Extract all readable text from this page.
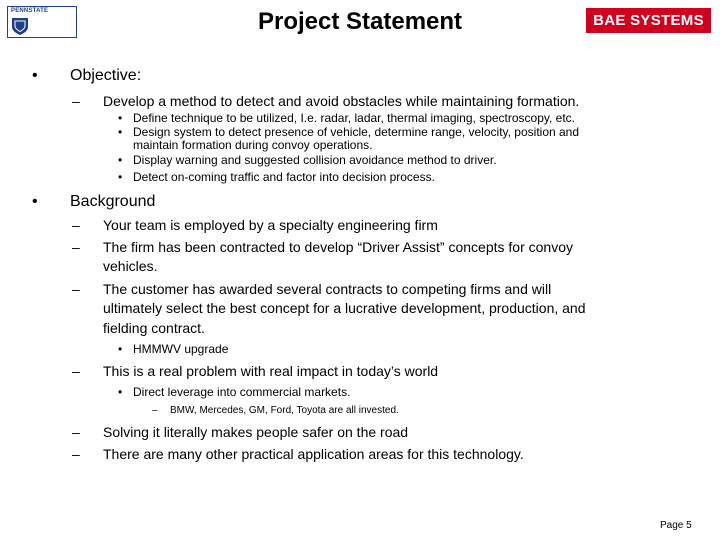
PENNSTATE	Project Statement	BAE SYSTEMS
• Objective:
– Develop a method to detect and avoid obstacles while maintaining formation.
• Define technique to be utilized, I.e. radar, ladar, thermal imaging, spectroscopy, etc.
• Design system to detect presence of vehicle, determine range, velocity, position and
maintain formation during convoy operations.
• Display warning and suggested collision avoidance method to driver.
• Detect on-coming traffic and factor into decision process.
• Background
– Your team is employed by a specialty engineering firm
– The firm has been contracted to develop “Driver Assist” concepts for convoy
vehicles.
– The customer has awarded several contracts to competing firms and will
ultimately select the best concept for a lucrative development, production, and
fielding contract.
• HMMWV upgrade
– This is a real problem with real impact in today’s world
• Direct leverage into commercial markets.
– BMW, Mercedes, GM, Ford, Toyota are all invested.
– Solving it literally makes people safer on the road
– There are many other practical application areas for this technology.
Page 5
